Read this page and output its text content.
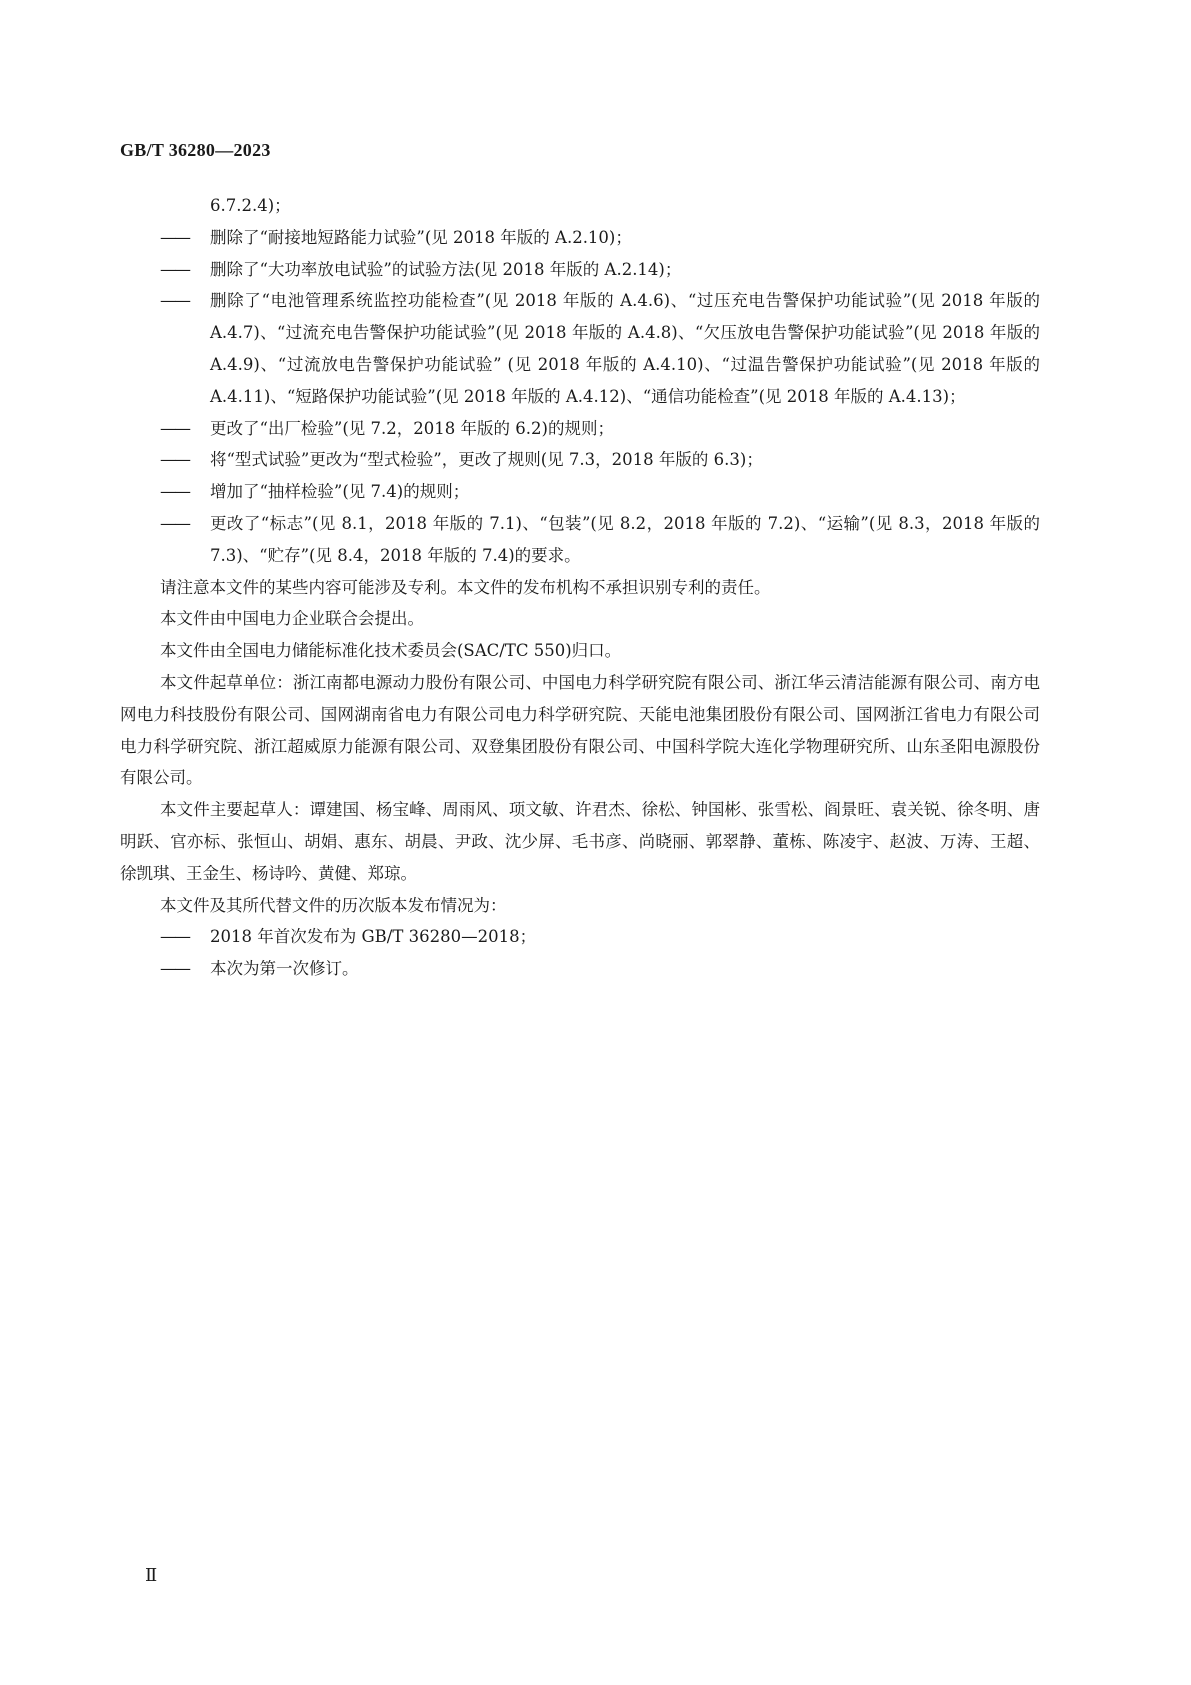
GB/T 36280—2023

6.7.2.4)；

——	删除了“耐接地短路能力试验”(见 2018 年版的 A.2.10)；
——	删除了“大功率放电试验”的试验方法(见 2018 年版的 A.2.14)；
——	删除了“电池管理系统监控功能检查”(见 2018 年版的 A.4.6)、“过压充电告警保护功能试验”(见 2018 年版的 A.4.7)、“过流充电告警保护功能试验”(见 2018 年版的 A.4.8)、“欠压放电告警保护功能试验”(见 2018 年版的 A.4.9)、“过流放电告警保护功能试验” (见 2018 年版的 A.4.10)、“过温告警保护功能试验”(见 2018 年版的 A.4.11)、“短路保护功能试验”(见 2018 年版的 A.4.12)、“通信功能检查”(见 2018 年版的 A.4.13)；
——	更改了“出厂检验”(见 7.2，2018 年版的 6.2)的规则；
——	将“型式试验”更改为“型式检验”，更改了规则(见 7.3，2018 年版的 6.3)；
——	增加了“抽样检验”(见 7.4)的规则；
——	更改了“标志”(见 8.1，2018 年版的 7.1)、“包装”(见 8.2，2018 年版的 7.2)、“运输”(见 8.3，2018 年版的 7.3)、“贮存”(见 8.4，2018 年版的 7.4)的要求。

请注意本文件的某些内容可能涉及专利。本文件的发布机构不承担识别专利的责任。

本文件由中国电力企业联合会提出。

本文件由全国电力储能标准化技术委员会(SAC/TC 550)归口。

本文件起草单位：浙江南都电源动力股份有限公司、中国电力科学研究院有限公司、浙江华云清洁能源有限公司、南方电网电力科技股份有限公司、国网湖南省电力有限公司电力科学研究院、天能电池集团股份有限公司、国网浙江省电力有限公司电力科学研究院、浙江超威原力能源有限公司、双登集团股份有限公司、中国科学院大连化学物理研究所、山东圣阳电源股份有限公司。

本文件主要起草人：谭建国、杨宝峰、周雨风、项文敏、许君杰、徐松、钟国彬、张雪松、阎景旺、袁关锐、徐冬明、唐明跃、官亦标、张恒山、胡娟、惠东、胡晨、尹政、沈少屏、毛书彦、尚晓丽、郭翠静、董栋、陈凌宇、赵波、万涛、王超、徐凯琪、王金生、杨诗吟、黄健、郑琼。

本文件及其所代替文件的历次版本发布情况为：

——	2018 年首次发布为 GB/T 36280—2018；
——	本次为第一次修订。
Ⅱ
